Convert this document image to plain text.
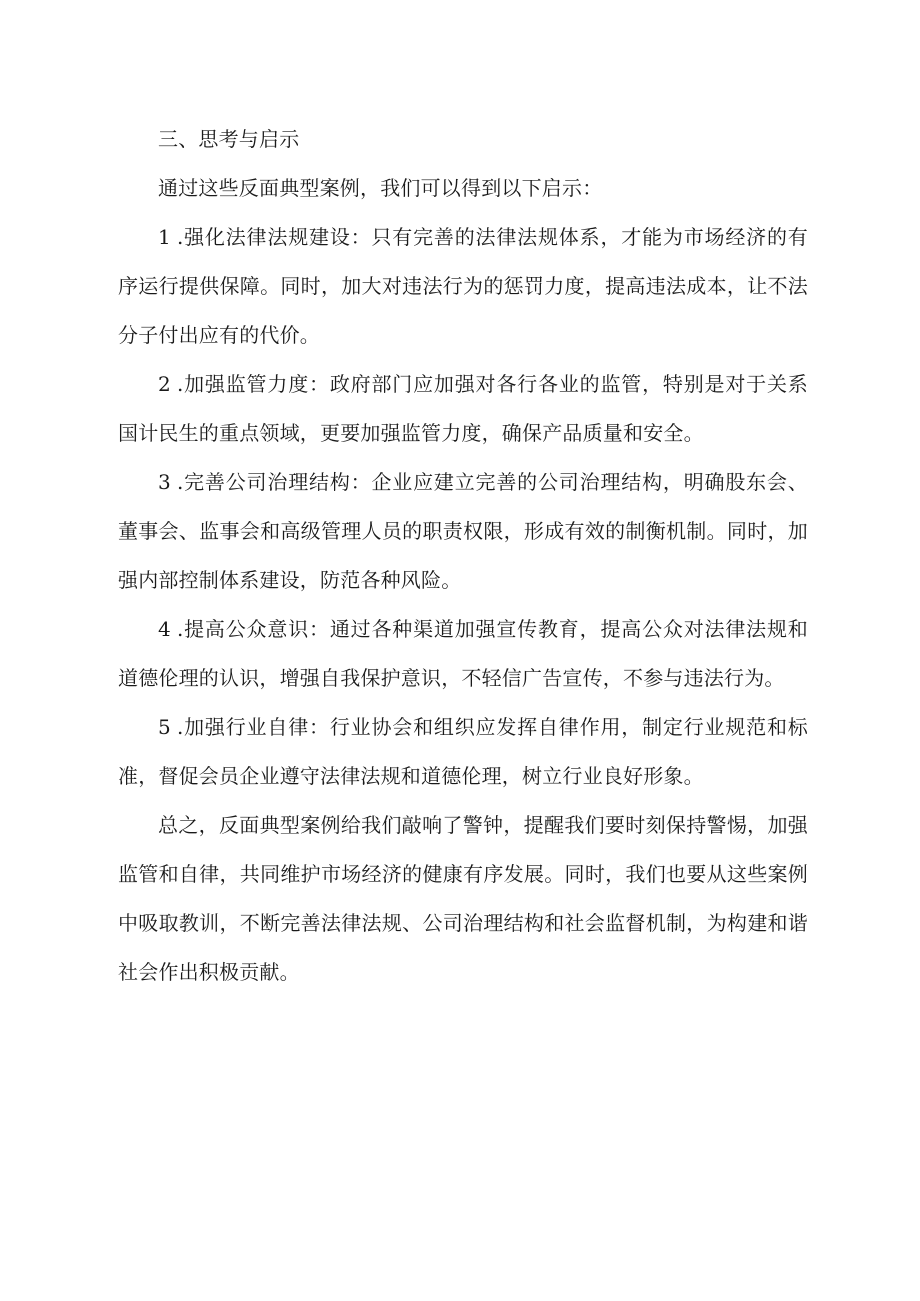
三、思考与启示

通过这些反面典型案例，我们可以得到以下启示：

1 .强化法律法规建设：只有完善的法律法规体系，才能为市场经济的有序运行提供保障。同时，加大对违法行为的惩罚力度，提高违法成本，让不法分子付出应有的代价。

2 .加强监管力度：政府部门应加强对各行各业的监管，特别是对于关系国计民生的重点领域，更要加强监管力度，确保产品质量和安全。

3 .完善公司治理结构：企业应建立完善的公司治理结构，明确股东会、董事会、监事会和高级管理人员的职责权限，形成有效的制衡机制。同时，加强内部控制体系建设，防范各种风险。

4 .提高公众意识：通过各种渠道加强宣传教育，提高公众对法律法规和道德伦理的认识，增强自我保护意识，不轻信广告宣传，不参与违法行为。

5 .加强行业自律：行业协会和组织应发挥自律作用，制定行业规范和标准，督促会员企业遵守法律法规和道德伦理，树立行业良好形象。

总之，反面典型案例给我们敲响了警钟，提醒我们要时刻保持警惕，加强监管和自律，共同维护市场经济的健康有序发展。同时，我们也要从这些案例中吸取教训，不断完善法律法规、公司治理结构和社会监督机制，为构建和谐社会作出积极贡献。
